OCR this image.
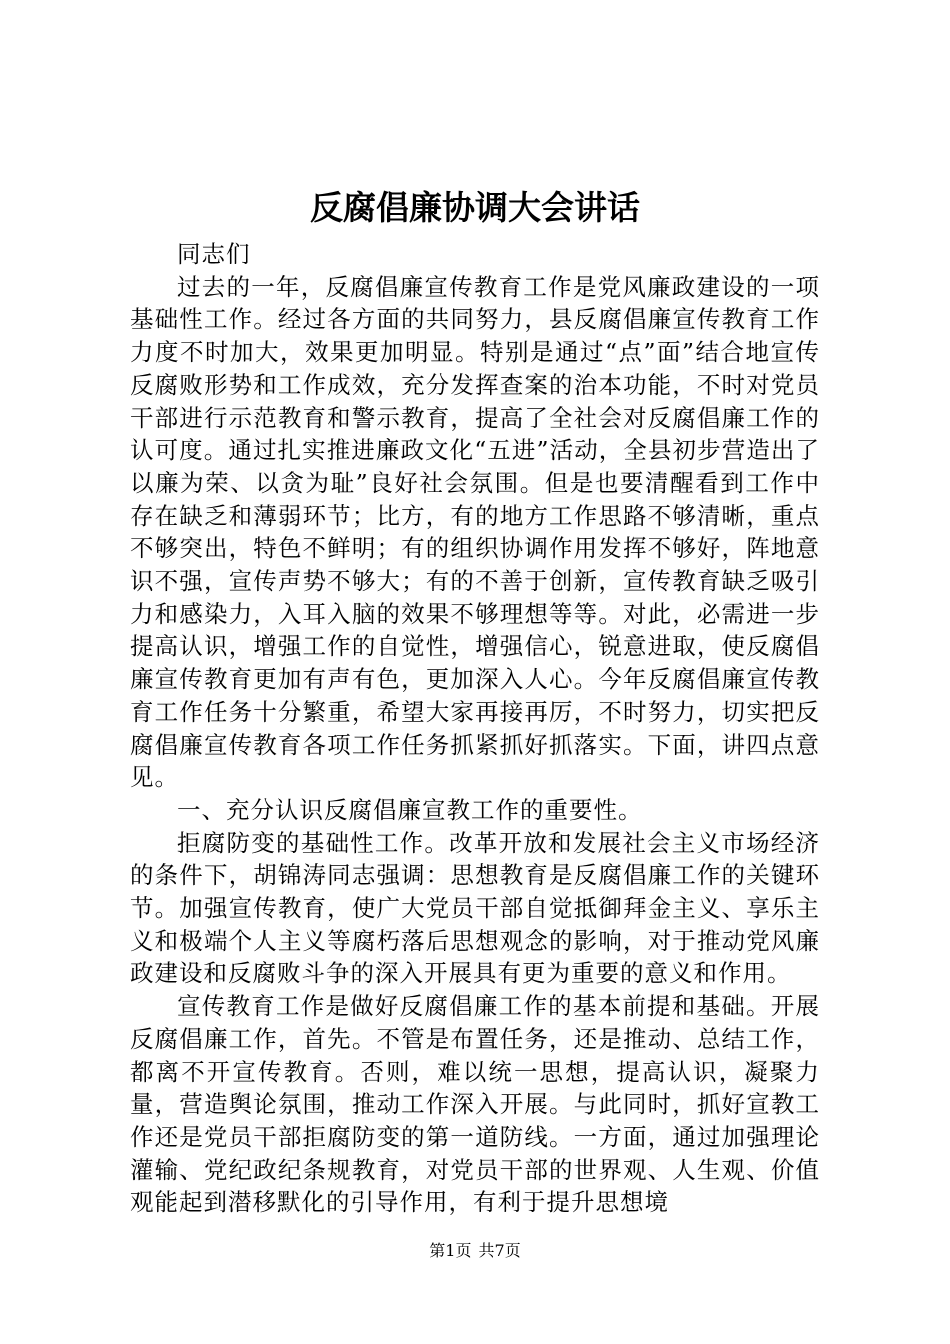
反腐倡廉协调大会讲话

同志们

过去的一年，反腐倡廉宣传教育工作是党风廉政建设的一项基础性工作。经过各方面的共同努力，县反腐倡廉宣传教育工作力度不时加大，效果更加明显。特别是通过“点”面”结合地宣传反腐败形势和工作成效，充分发挥查案的治本功能，不时对党员干部进行示范教育和警示教育，提高了全社会对反腐倡廉工作的认可度。通过扎实推进廉政文化“五进”活动，全县初步营造出了以廉为荣、以贪为耻”良好社会氛围。但是也要清醒看到工作中存在缺乏和薄弱环节；比方，有的地方工作思路不够清晰，重点不够突出，特色不鲜明；有的组织协调作用发挥不够好，阵地意识不强，宣传声势不够大；有的不善于创新，宣传教育缺乏吸引力和感染力，入耳入脑的效果不够理想等等。对此，必需进一步提高认识，增强工作的自觉性，增强信心，锐意进取，使反腐倡廉宣传教育更加有声有色，更加深入人心。今年反腐倡廉宣传教育工作任务十分繁重，希望大家再接再厉，不时努力，切实把反腐倡廉宣传教育各项工作任务抓紧抓好抓落实。下面，讲四点意见。

一、充分认识反腐倡廉宣教工作的重要性。

拒腐防变的基础性工作。改革开放和发展社会主义市场经济的条件下，胡锦涛同志强调：思想教育是反腐倡廉工作的关键环节。加强宣传教育，使广大党员干部自觉抵御拜金主义、享乐主义和极端个人主义等腐朽落后思想观念的影响，对于推动党风廉政建设和反腐败斗争的深入开展具有更为重要的意义和作用。

宣传教育工作是做好反腐倡廉工作的基本前提和基础。开展反腐倡廉工作，首先。不管是布置任务，还是推动、总结工作，都离不开宣传教育。否则，难以统一思想，提高认识，凝聚力量，营造舆论氛围，推动工作深入开展。与此同时，抓好宣教工作还是党员干部拒腐防变的第一道防线。一方面，通过加强理论灌输、党纪政纪条规教育，对党员干部的世界观、人生观、价值观能起到潜移默化的引导作用，有利于提升思想境

第1页 共7页
